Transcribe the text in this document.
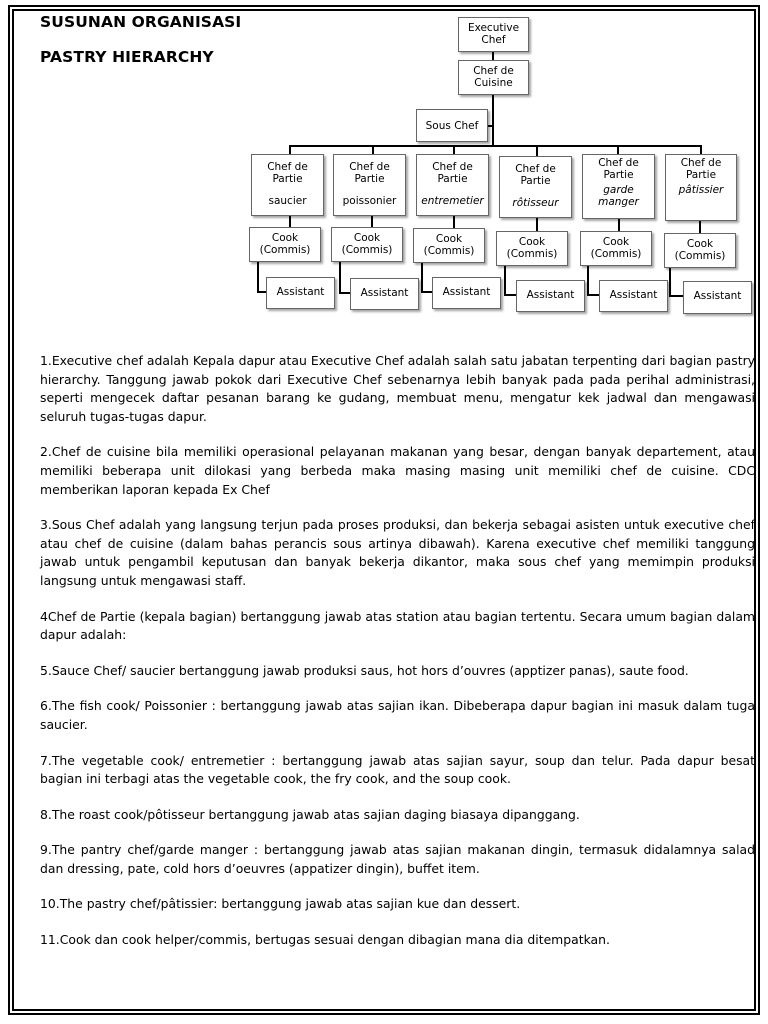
SUSUNAN ORGANISASI
PASTRY HIERARCHY
Executive
Chef
Chef de
Cuisine
Sous Chef
Chef de
Partie
saucier
Chef de
Partie
poissonier
Chef de
Partie
entremetier
Chef de
Partie
rôtisseur
Chef de
Partie
garde
manger
Chef de
Partie
pâtissier
Cook
(Commis)
Cook
(Commis)
Cook
(Commis)
Cook
(Commis)
Cook
(Commis)
Cook
(Commis)
Assistant	Assistant	Assistant	Assistant	Assistant	Assistant

1.Executive chef adalah Kepala dapur atau Executive Chef adalah salah satu jabatan terpenting dari bagian pastry hierarchy. Tanggung jawab pokok dari Executive Chef sebenarnya lebih banyak pada pada perihal administrasi, seperti mengecek daftar pesanan barang ke gudang, membuat menu, mengatur kek jadwal dan mengawasi seluruh tugas-tugas dapur.

2.Chef de cuisine bila memiliki operasional pelayanan makanan yang besar, dengan banyak departement, atau memiliki beberapa unit dilokasi yang berbeda maka masing masing unit memiliki chef de cuisine. CDC memberikan laporan kepada Ex Chef

3.Sous Chef adalah yang langsung terjun pada proses produksi, dan bekerja sebagai asisten untuk executive chef atau chef de cuisine (dalam bahas perancis sous artinya dibawah). Karena executive chef memiliki tanggung jawab untuk pengambil keputusan dan banyak bekerja dikantor, maka sous chef yang memimpin produksi langsung untuk mengawasi staff.

4Chef de Partie (kepala bagian) bertanggung jawab atas station atau bagian tertentu. Secara umum bagian dalam dapur adalah:

5.Sauce Chef/ saucier bertanggung jawab produksi saus, hot hors d’ouvres (apptizer panas), saute food.

6.The fish cook/ Poissonier : bertanggung jawab atas sajian ikan. Dibeberapa dapur bagian ini masuk dalam tuga saucier.

7.The vegetable cook/ entremetier : bertanggung jawab atas sajian sayur, soup dan telur. Pada dapur besat bagian ini terbagi atas the vegetable cook, the fry cook, and the soup cook.

8.The roast cook/pôtisseur bertanggung jawab atas sajian daging biasaya dipanggang.

9.The pantry chef/garde manger : bertanggung jawab atas sajian makanan dingin, termasuk didalamnya salad dan dressing, pate, cold hors d’oeuvres (appatizer dingin), buffet item.

10.The pastry chef/pâtissier: bertanggung jawab atas sajian kue dan dessert.

11.Cook dan cook helper/commis, bertugas sesuai dengan dibagian mana dia ditempatkan.
